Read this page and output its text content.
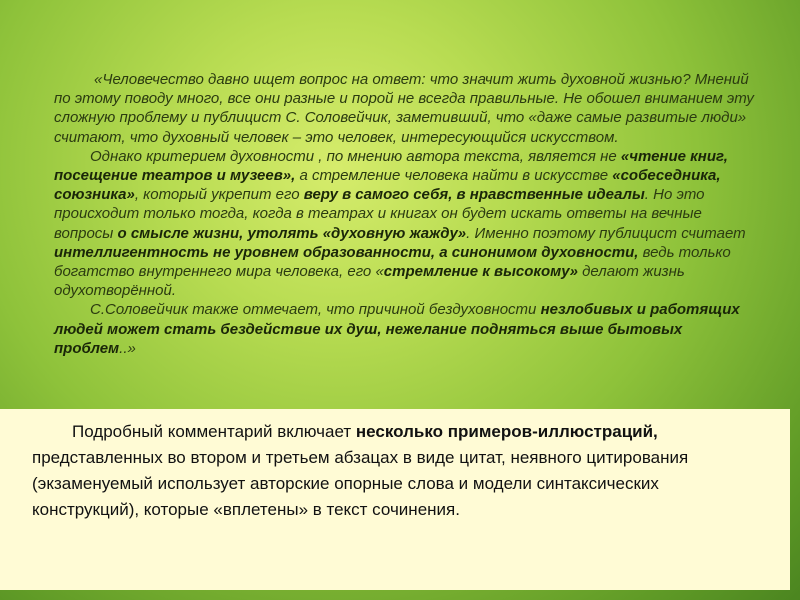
«Человечество давно ищет вопрос на ответ: что значит жить духовной жизнью? Мнений по этому поводу много, все они разные и порой не всегда правильные. Не обошел вниманием эту сложную проблему и публицист С. Соловейчик, заметивший, что «даже самые развитые люди» считают, что духовный человек – это человек, интересующийся искусством.

Однако критерием духовности , по мнению автора текста, является не «чтение книг, посещение театров и музеев», а стремление человека найти в искусстве «собеседника, союзника», который укрепит его веру в самого себя, в нравственные идеалы. Но это происходит только тогда, когда в театрах и книгах он будет искать ответы на вечные вопросы о смысле жизни, утолять «духовную жажду». Именно поэтому публицист считает интеллигентность не уровнем образованности, а синонимом духовности, ведь только богатство внутреннего мира человека, его «стремление к высокому» делают жизнь одухотворённой.

С.Соловейчик также отмечает, что причиной бездуховности незлобивых и работящих людей может стать бездействие их душ, нежелание подняться выше бытовых проблем..»

Подробный комментарий включает несколько примеров-иллюстраций, представленных во втором и третьем абзацах в виде цитат, неявного цитирования (экзаменуемый использует авторские опорные слова и модели синтаксических конструкций), которые «вплетены» в текст сочинения.
